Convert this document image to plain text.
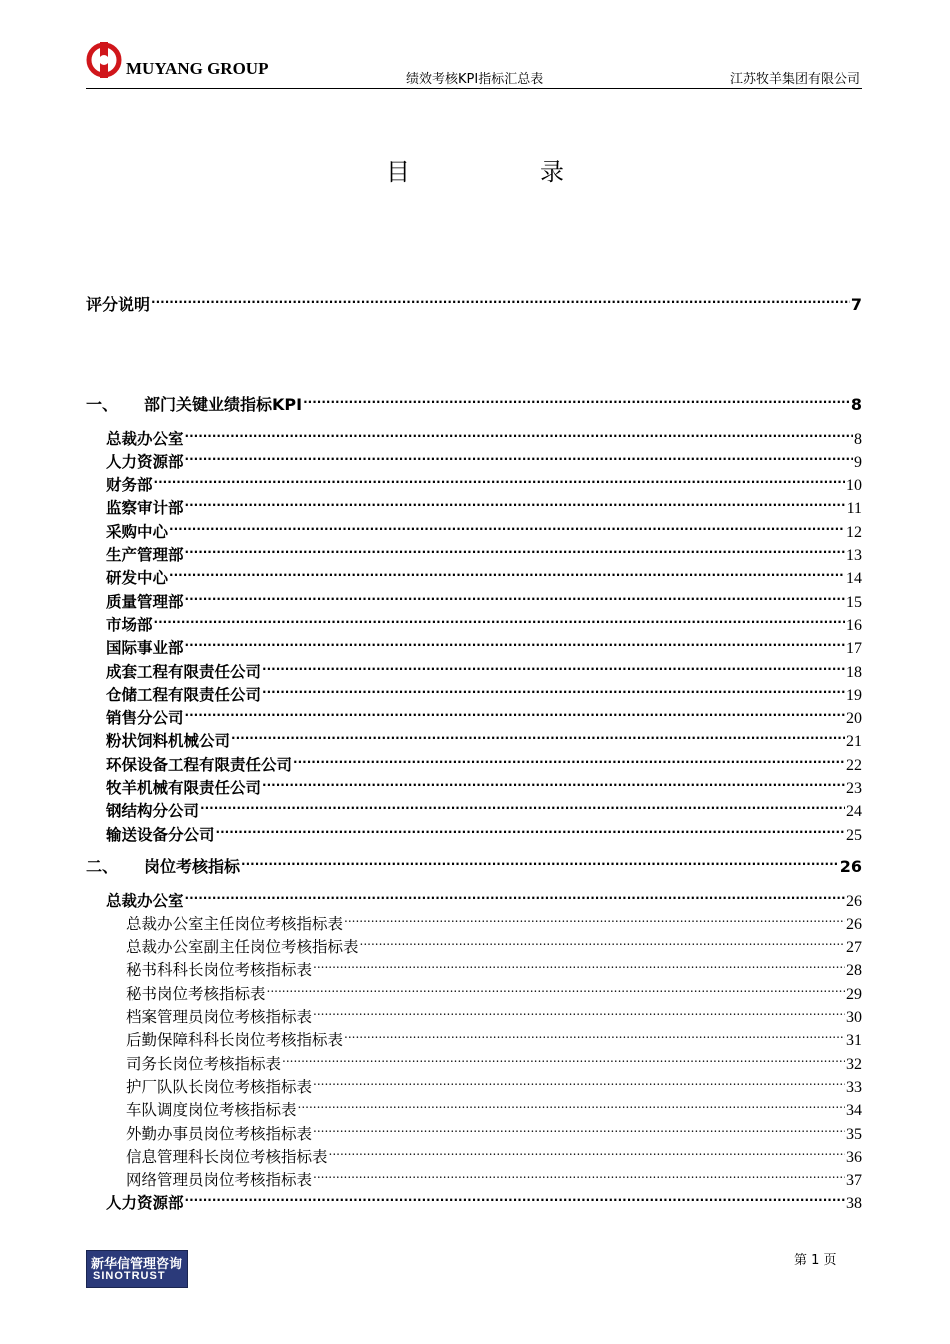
MUYANG GROUP
绩效考核KPI指标汇总表	江苏牧羊集团有限公司
目	录
评分说明 .....	7
一、 部门关键业绩指标KPI .....	8
总裁办公室 .....	8
人力资源部 .....	9
财务部 .....	10
监察审计部 .....	11
采购中心 .....	12
生产管理部 .....	13
研发中心 .....	14
质量管理部 .....	15
市场部 .....	16
国际事业部 .....	17
成套工程有限责任公司 .....	18
仓储工程有限责任公司 .....	19
销售分公司 .....	20
粉状饲料机械公司 .....	21
环保设备工程有限责任公司 .....	22
牧羊机械有限责任公司 .....	23
钢结构分公司 .....	24
输送设备分公司 .....	25
二、 岗位考核指标 .....	26
总裁办公室 .....	26
总裁办公室主任岗位考核指标表 .....	26
总裁办公室副主任岗位考核指标表 .....	27
秘书科科长岗位考核指标表 .....	28
秘书岗位考核指标表 .....	29
档案管理员岗位考核指标表 .....	30
后勤保障科科长岗位考核指标表 .....	31
司务长岗位考核指标表 .....	32
护厂队队长岗位考核指标表 .....	33
车队调度岗位考核指标表 .....	34
外勤办事员岗位考核指标表 .....	35
信息管理科长岗位考核指标表 .....	36
网络管理员岗位考核指标表 .....	37
人力资源部 .....	38
新华信管理咨询
SINOTRUST
第 1 页
